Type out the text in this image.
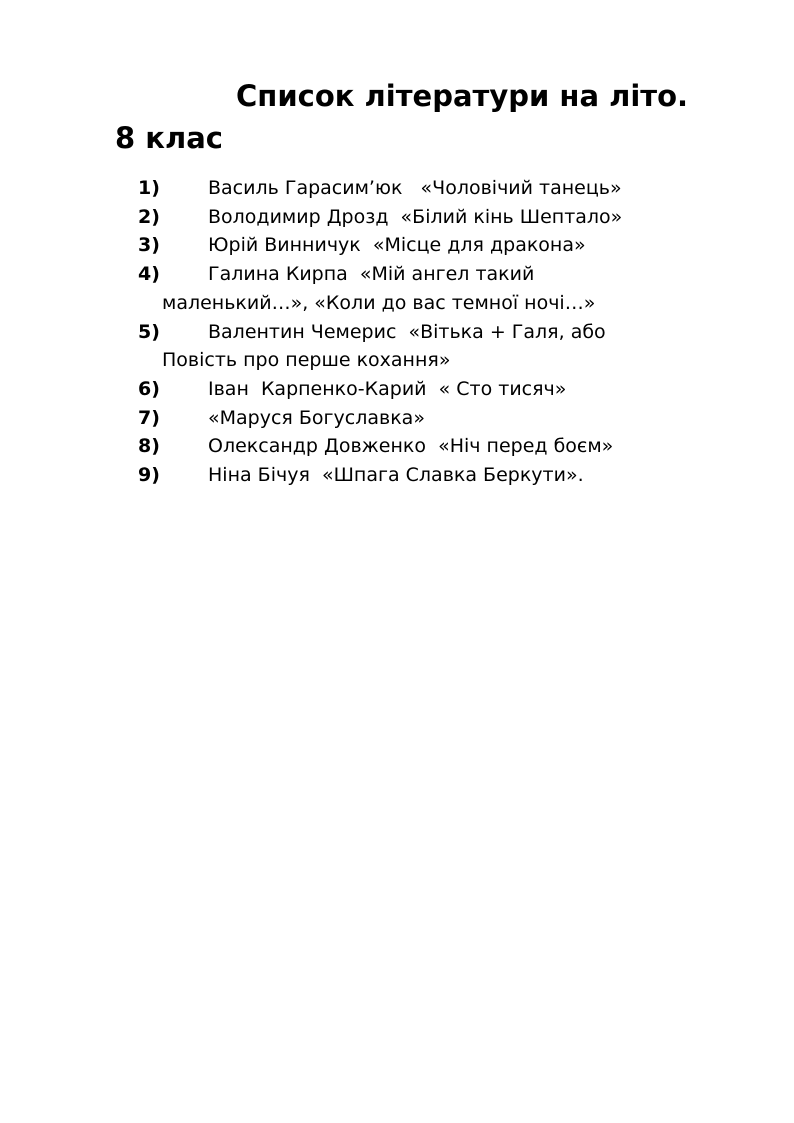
Список літератури на літо.
8 клас
1)	Василь Гарасим’юк   «Чоловічий танець»
2)	Володимир Дрозд  «Білий кінь Шептало»
3)	Юрій Винничук  «Місце для дракона»
4)	Галина Кирпа  «Мій ангел такий
маленький…», «Коли до вас темної ночі…»
5)	Валентин Чемерис  «Вітька + Галя, або
Повість про перше кохання»
6)	Іван  Карпенко-Карий  « Сто тисяч»
7)	«Маруся Богуславка»
8)	Олександр Довженко  «Ніч перед боєм»
9)	Ніна Бічуя  «Шпага Славка Беркути».
